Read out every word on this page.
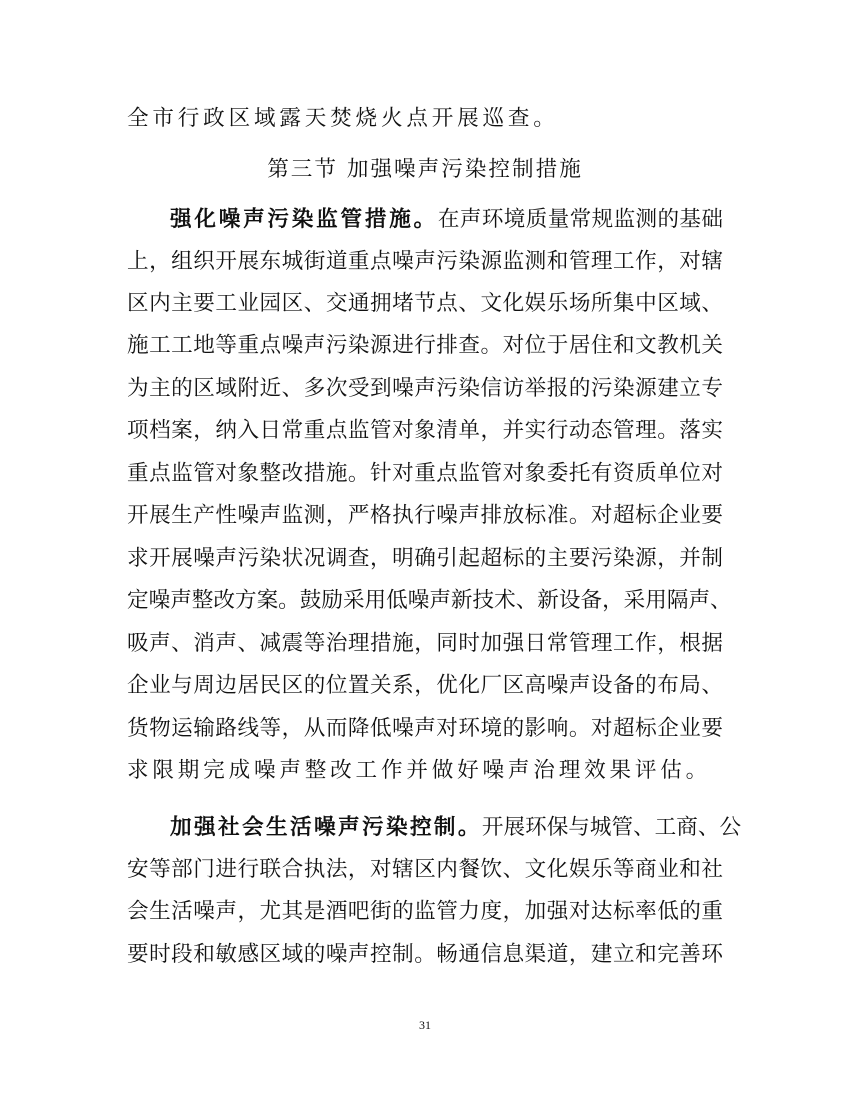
全市行政区域露天焚烧火点开展巡查。
第三节 加强噪声污染控制措施
强化噪声污染监管措施。在声环境质量常规监测的基础
上，组织开展东城街道重点噪声污染源监测和管理工作，对辖
区内主要工业园区、交通拥堵节点、文化娱乐场所集中区域、
施工工地等重点噪声污染源进行排查。对位于居住和文教机关
为主的区域附近、多次受到噪声污染信访举报的污染源建立专
项档案，纳入日常重点监管对象清单，并实行动态管理。落实
重点监管对象整改措施。针对重点监管对象委托有资质单位对
开展生产性噪声监测，严格执行噪声排放标准。对超标企业要
求开展噪声污染状况调查，明确引起超标的主要污染源，并制
定噪声整改方案。鼓励采用低噪声新技术、新设备，采用隔声、
吸声、消声、减震等治理措施，同时加强日常管理工作，根据
企业与周边居民区的位置关系，优化厂区高噪声设备的布局、
货物运输路线等，从而降低噪声对环境的影响。对超标企业要
求限期完成噪声整改工作并做好噪声治理效果评估。
加强社会生活噪声污染控制。开展环保与城管、工商、公
安等部门进行联合执法，对辖区内餐饮、文化娱乐等商业和社
会生活噪声，尤其是酒吧街的监管力度，加强对达标率低的重
要时段和敏感区域的噪声控制。畅通信息渠道，建立和完善环
31
